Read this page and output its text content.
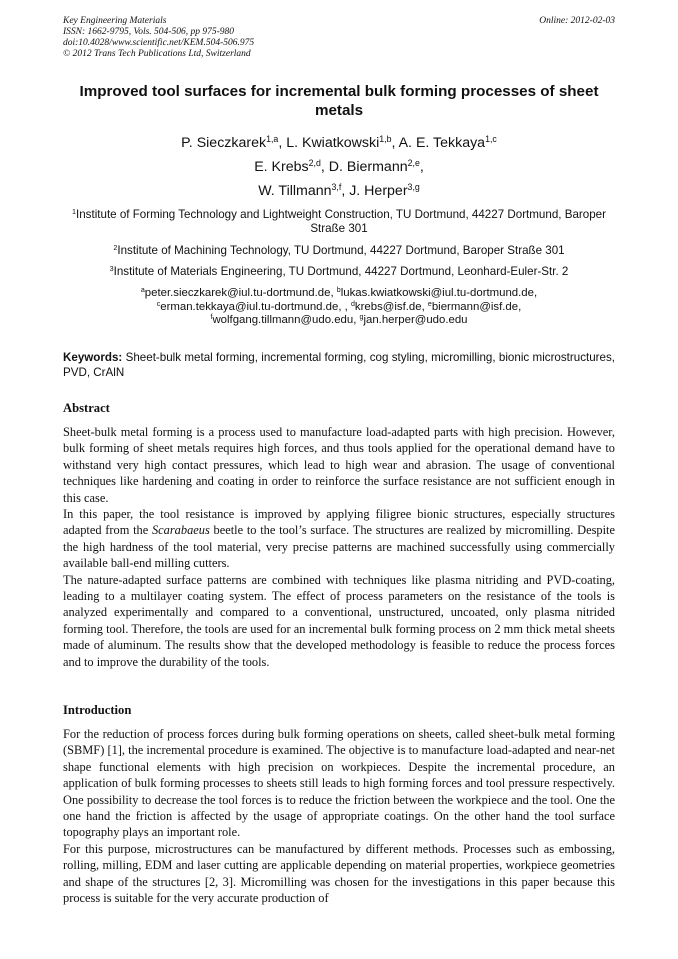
Key Engineering Materials
ISSN: 1662-9795, Vols. 504-506, pp 975-980
doi:10.4028/www.scientific.net/KEM.504-506.975
© 2012 Trans Tech Publications Ltd, Switzerland
Online: 2012-02-03
Improved tool surfaces for incremental bulk forming processes of sheet metals
P. Sieczkarek$^{1,a}$, L. Kwiatkowski$^{1,b}$, A. E. Tekkaya$^{1,c}$
E. Krebs$^{2,d}$, D. Biermann$^{2,e}$,
W. Tillmann$^{3,f}$, J. Herper$^{3,g}$
$^1$Institute of Forming Technology and Lightweight Construction, TU Dortmund, 44227 Dortmund, Baroper Straße 301
$^2$Institute of Machining Technology, TU Dortmund, 44227 Dortmund, Baroper Straße 301
$^3$Institute of Materials Engineering, TU Dortmund, 44227 Dortmund, Leonhard-Euler-Str. 2
$^a$peter.sieczkarek@iul.tu-dortmund.de, $^b$lukas.kwiatkowski@iul.tu-dortmund.de,
$^c$erman.tekkaya@iul.tu-dortmund.de, , $^d$krebs@isf.de, $^e$biermann@isf.de,
$^f$wolfgang.tillmann@udo.edu, $^g$jan.herper@udo.edu
Keywords: Sheet-bulk metal forming, incremental forming, cog styling, micromilling, bionic microstructures, PVD, CrAlN
Abstract

Sheet-bulk metal forming is a process used to manufacture load-adapted parts with high precision. However, bulk forming of sheet metals requires high forces, and thus tools applied for the operational demand have to withstand very high contact pressures, which lead to high wear and abrasion. The usage of conventional techniques like hardening and coating in order to reinforce the surface resistance are not sufficient enough in this case.

In this paper, the tool resistance is improved by applying filigree bionic structures, especially structures adapted from the Scarabaeus beetle to the tool’s surface. The structures are realized by micromilling. Despite the high hardness of the tool material, very precise patterns are machined successfully using commercially available ball-end milling cutters.

The nature-adapted surface patterns are combined with techniques like plasma nitriding and PVD-coating, leading to a multilayer coating system. The effect of process parameters on the resistance of the tools is analyzed experimentally and compared to a conventional, unstructured, uncoated, only plasma nitrided forming tool. Therefore, the tools are used for an incremental bulk forming process on 2 mm thick metal sheets made of aluminum. The results show that the developed methodology is feasible to reduce the process forces and to improve the durability of the tools.

Introduction

For the reduction of process forces during bulk forming operations on sheets, called sheet-bulk metal forming (SBMF) [1], the incremental procedure is examined. The objective is to manufacture load-adapted and near-net shape functional elements with high precision on workpieces. Despite the incremental procedure, an application of bulk forming processes to sheets still leads to high forming forces and tool pressure respectively. One possibility to decrease the tool forces is to reduce the friction between the workpiece and the tool. One the one hand the friction is affected by the usage of appropriate coatings. On the other hand the tool surface topography plays an important role.

For this purpose, microstructures can be manufactured by different methods. Processes such as embossing, rolling, milling, EDM and laser cutting are applicable depending on material properties, workpiece geometries and shape of the structures [2, 3]. Micromilling was chosen for the investigations in this paper because this process is suitable for the very accurate production of
